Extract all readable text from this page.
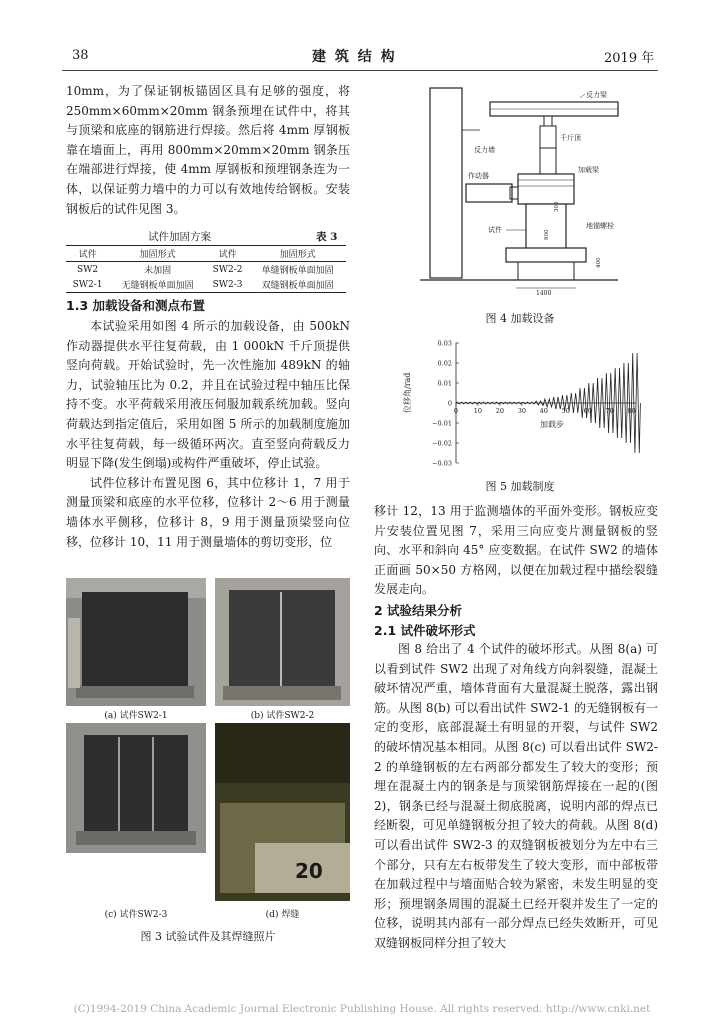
38	建 筑 结 构	2019 年

10mm，为了保证钢板锚固区具有足够的强度，将250mm×60mm×20mm 钢条预埋在试件中，将其与顶梁和底座的钢筋进行焊接。然后将 4mm 厚钢板靠在墙面上，再用 800mm×20mm×20mm 钢条压在端部进行焊接，使 4mm 厚钢板和预埋钢条连为一体，以保证剪力墙中的力可以有效地传给钢板。安装钢板后的试件见图 3。

试件加固方案	表 3
试件	加固形式	试件	加固形式
SW2	未加固	SW2-2	单缝钢板单面加固
SW2-1	无缝钢板单面加固	SW2-3	双缝钢板单面加固
1.3 加载设备和测点布置

本试验采用如图 4 所示的加载设备，由 500kN 作动器提供水平往复荷载，由 1 000kN 千斤顶提供竖向荷载。开始试验时，先一次性施加 489kN 的轴力，试验轴压比为 0.2，并且在试验过程中轴压比保持不变。水平荷载采用液压伺服加载系统加载。竖向荷载达到指定值后，采用如图 5 所示的加载制度施加水平往复荷载，每一级循环两次。直至竖向荷载反力明显下降(发生倒塌)或构件严重破坏，停止试验。

试件位移计布置见图 6，其中位移计 1，7 用于测量顶梁和底座的水平位移，位移计 2～6 用于测量墙体水平侧移，位移计 8，9 用于测量顶梁竖向位移，位移计 10，11 用于测量墙体的剪切变形，位

(a) 试件SW2-1	(b) 试件SW2-2
(c) 试件SW2-3
20
(d) 焊缝
图 3 试验试件及其焊缝照片
反力梁
千斤顶
反力墙
作动器
加载梁
试件	地锚螺栓
300
800
400
1400
图 4 加载设备
−0.03
−0.02
−0.01
0
0.01
0.02
0.03
0 10 20 30 40 50 60 70 80
加载步
位移角/rad
图 5 加载制度

移计 12，13 用于监测墙体的平面外变形。钢板应变片安装位置见图 7，采用三向应变片测量钢板的竖向、水平和斜向 45° 应变数据。在试件 SW2 的墙体正面画 50×50 方格网，以便在加载过程中描绘裂缝发展走向。

2 试验结果分析
2.1 试件破坏形式

图 8 给出了 4 个试件的破坏形式。从图 8(a) 可以看到试件 SW2 出现了对角线方向斜裂缝，混凝土破坏情况严重，墙体背面有大量混凝土脱落，露出钢筋。从图 8(b) 可以看出试件 SW2-1 的无缝钢板有一定的变形，底部混凝土有明显的开裂，与试件 SW2 的破坏情况基本相同。从图 8(c) 可以看出试件 SW2-2 的单缝钢板的左右两部分都发生了较大的变形；预埋在混凝土内的钢条是与顶梁钢筋焊接在一起的(图 2)，钢条已经与混凝土彻底脱离，说明内部的焊点已经断裂，可见单缝钢板分担了较大的荷载。从图 8(d) 可以看出试件 SW2-3 的双缝钢板被划分为左中右三个部分，只有左右板带发生了较大变形，而中部板带在加载过程中与墙面贴合较为紧密，未发生明显的变形；预埋钢条周围的混凝土已经开裂并发生了一定的位移，说明其内部有一部分焊点已经失效断开，可见双缝钢板同样分担了较大

(C)1994-2019 China Academic Journal Electronic Publishing House. All rights reserved. http://www.cnki.net
